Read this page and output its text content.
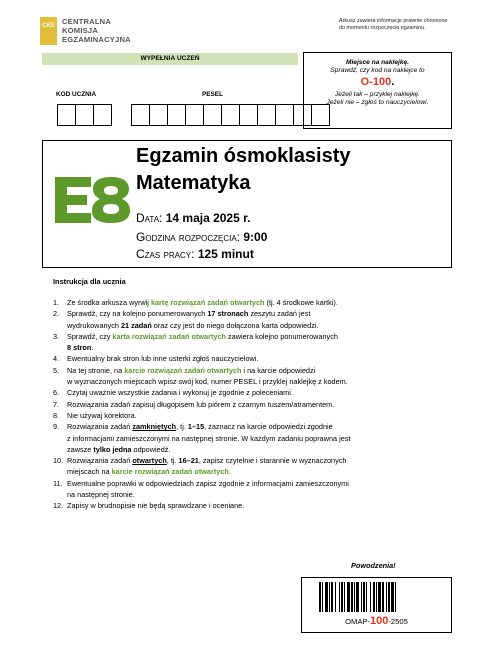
CKE CENTRALNA
KOMISJA
EGZAMINACYJNA
Arkusz zawiera informacje prawnie chronione do momentu rozpoczęcia egzaminu.
WYPEŁNIA UCZEŃ
KOD UCZNIA	PESEL
Miejsce na naklejkę.
Sprawdź, czy kod na naklejce to
O-100.
Jeżeli tak – przyklej naklejkę.
Jeżeli nie – zgłoś to nauczycielowi.
Egzamin ósmoklasisty
Matematyka
Data: 14 maja 2025 r.
Godzina rozpoczęcia: 9:00
Czas pracy: 125 minut
Instrukcja dla ucznia
1.	Ze środka arkusza wyrwij kartę rozwiązań zadań otwartych (tj. 4 środkowe kartki).
2.	Sprawdź, czy na kolejno ponumerowanych 17 stronach zeszytu zadań jest
wydrukowanych 21 zadań oraz czy jest do niego dołączona karta odpowiedzi.
3.	Sprawdź, czy karta rozwiązań zadań otwartych zawiera kolejno ponumerowanych
8 stron.
4.	Ewentualny brak stron lub inne usterki zgłoś nauczycielowi.
5.	Na tej stronie, na karcie rozwiązań zadań otwartych i na karcie odpowiedzi
w wyznaczonych miejscach wpisz swój kod, numer PESEL i przyklej naklejkę z kodem.
6.	Czytaj uważnie wszystkie zadania i wykonuj je zgodnie z poleceniami.
7.	Rozwiązania zadań zapisuj długopisem lub piórem z czarnym tuszem/atramentem.
8.	Nie używaj korektora.
9.	Rozwiązania zadań zamkniętych, tj. 1–15, zaznacz na karcie odpowiedzi zgodnie
z informacjami zamieszczonymi na następnej stronie. W każdym zadaniu poprawna jest
zawsze tylko jedna odpowiedź.
10. Rozwiązania zadań otwartych, tj. 16–21, zapisz czytelnie i starannie w wyznaczonych
miejscach na karcie rozwiązań zadań otwartych.
11. Ewentualne poprawki w odpowiedziach zapisz zgodnie z informacjami zamieszczonymi
na następnej stronie.
12. Zapisy w brudnopisie nie będą sprawdzane i oceniane.
Powodzenia!
OMAP-100-2505
